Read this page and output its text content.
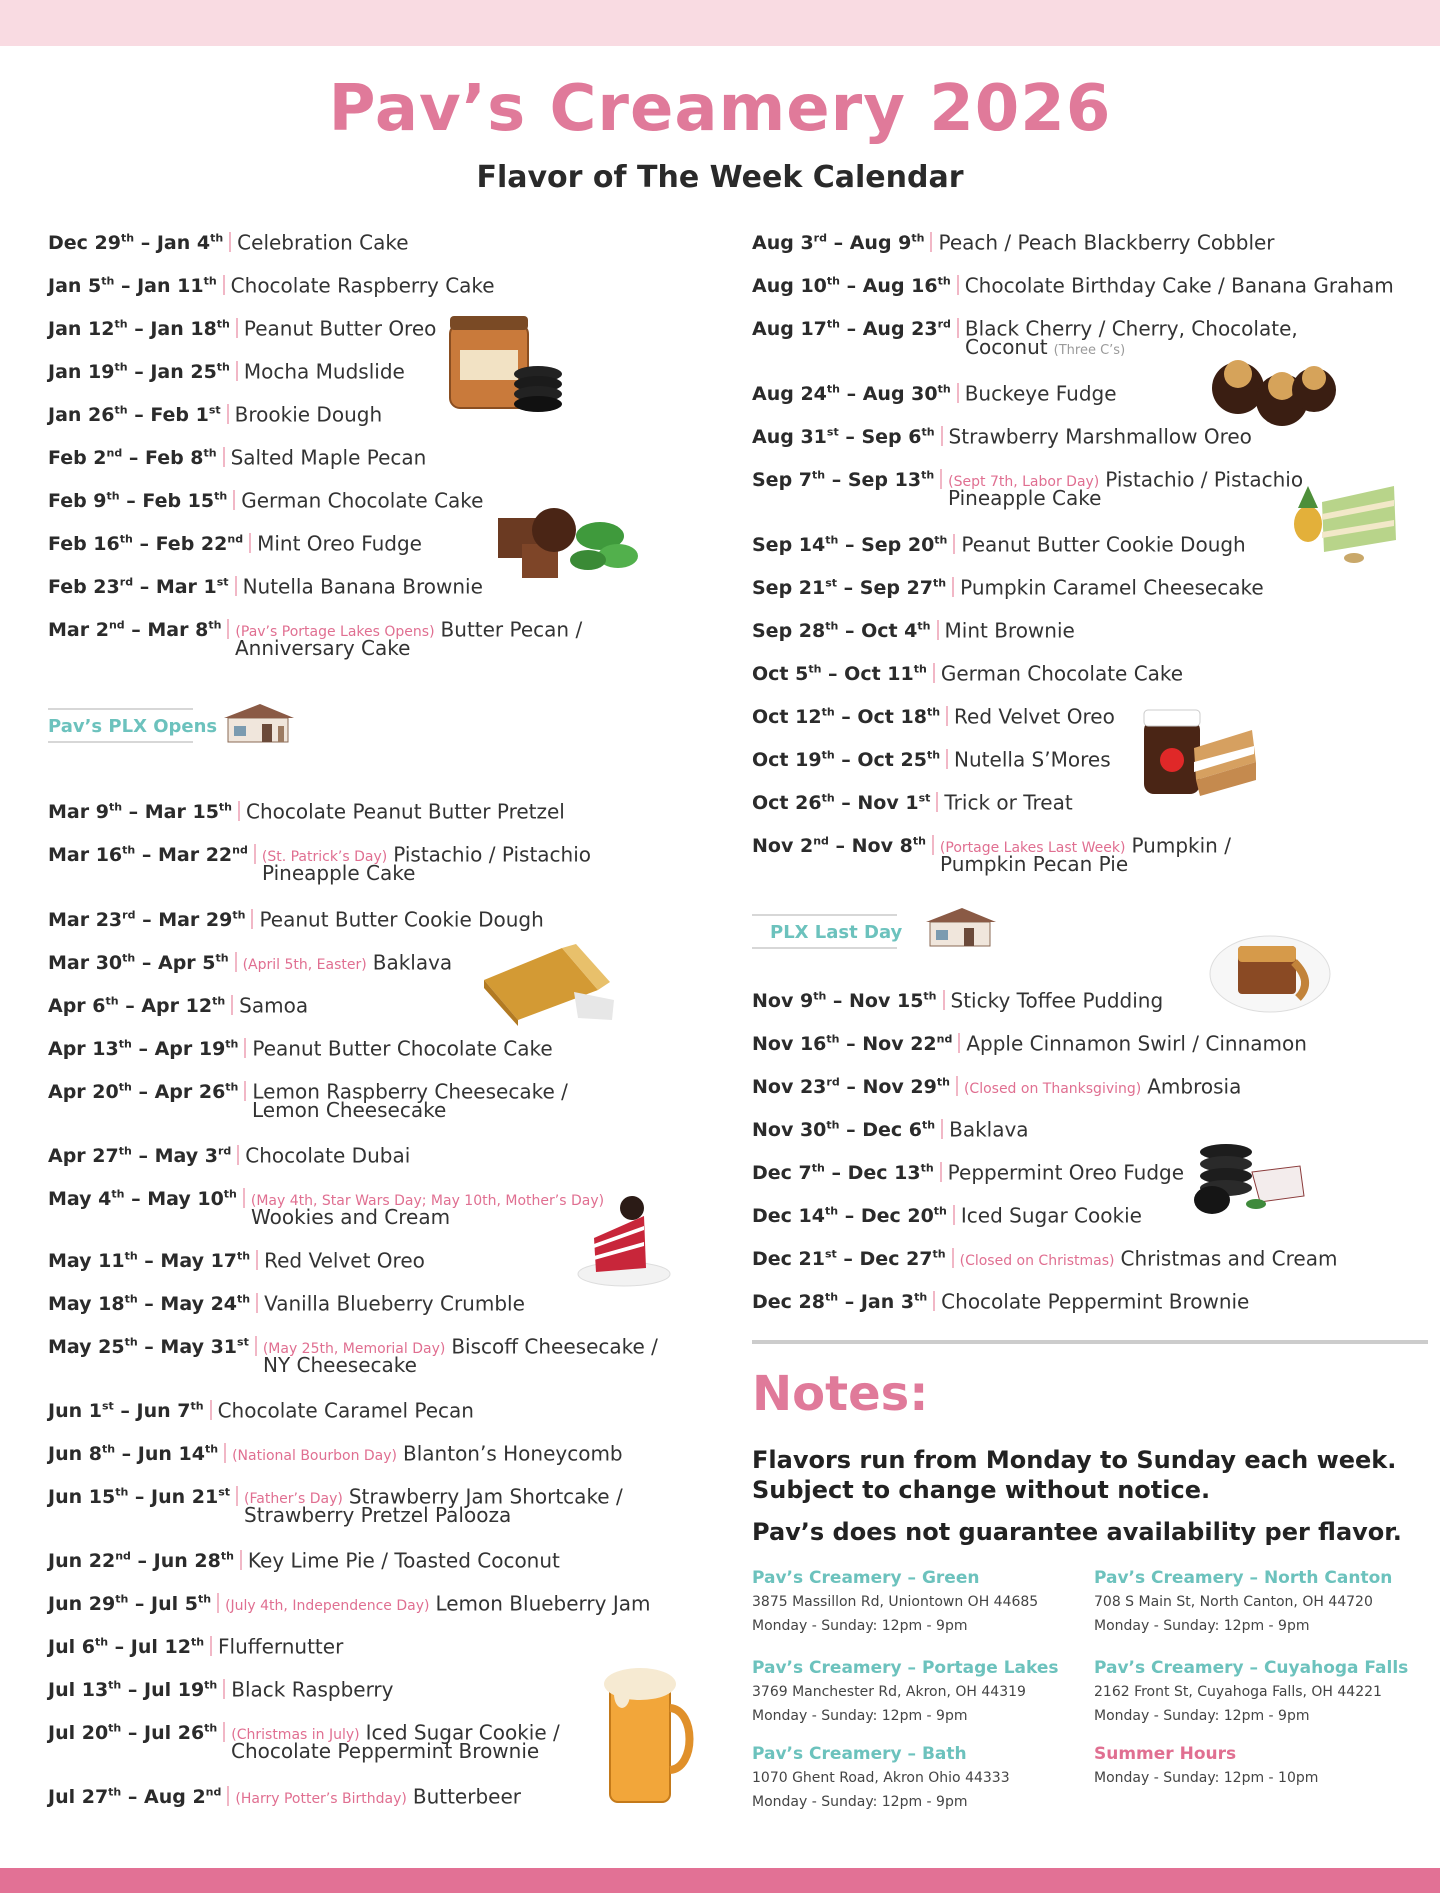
Pav’s Creamery 2026
Flavor of The Week Calendar
Dec 29th – Jan 4th Celebration Cake
Jan 5th – Jan 11th Chocolate Raspberry Cake
Jan 12th – Jan 18th Peanut Butter Oreo
Jan 19th – Jan 25th Mocha Mudslide
Jan 26th – Feb 1st Brookie Dough
Feb 2nd – Feb 8th Salted Maple Pecan
Feb 9th – Feb 15th German Chocolate Cake
Feb 16th – Feb 22nd Mint Oreo Fudge
Feb 23rd – Mar 1st Nutella Banana Brownie
Mar 2nd – Mar 8th (Pav’s Portage Lakes Opens) Butter Pecan /
Anniversary Cake
Mar 9th – Mar 15th Chocolate Peanut Butter Pretzel
Mar 16th – Mar 22nd (St. Patrick’s Day) Pistachio / Pistachio
Pineapple Cake
Mar 23rd – Mar 29th Peanut Butter Cookie Dough
Mar 30th – Apr 5th (April 5th, Easter) Baklava
Apr 6th – Apr 12th Samoa
Apr 13th – Apr 19th Peanut Butter Chocolate Cake
Apr 20th – Apr 26th Lemon Raspberry Cheesecake /
Lemon Cheesecake
Apr 27th – May 3rd Chocolate Dubai
May 4th – May 10th (May 4th, Star Wars Day; May 10th, Mother’s Day)
Wookies and Cream
May 11th – May 17th Red Velvet Oreo
May 18th – May 24th Vanilla Blueberry Crumble
May 25th – May 31st (May 25th, Memorial Day) Biscoff Cheesecake /
NY Cheesecake
Jun 1st – Jun 7th Chocolate Caramel Pecan
Jun 8th – Jun 14th (National Bourbon Day) Blanton’s Honeycomb
Jun 15th – Jun 21st (Father’s Day) Strawberry Jam Shortcake /
Strawberry Pretzel Palooza
Jun 22nd – Jun 28th Key Lime Pie / Toasted Coconut
Jun 29th – Jul 5th (July 4th, Independence Day) Lemon Blueberry Jam
Jul 6th – Jul 12th Fluffernutter
Jul 13th – Jul 19th Black Raspberry
Jul 20th – Jul 26th (Christmas in July) Iced Sugar Cookie /
Chocolate Peppermint Brownie
Jul 27th – Aug 2nd (Harry Potter’s Birthday) Butterbeer
Aug 3rd – Aug 9th Peach / Peach Blackberry Cobbler
Aug 10th – Aug 16th Chocolate Birthday Cake / Banana Graham
Aug 17th – Aug 23rd Black Cherry / Cherry, Chocolate,
Coconut (Three C’s)
Aug 24th – Aug 30th Buckeye Fudge
Aug 31st – Sep 6th Strawberry Marshmallow Oreo
Sep 7th – Sep 13th (Sept 7th, Labor Day) Pistachio / Pistachio
Pineapple Cake
Sep 14th – Sep 20th Peanut Butter Cookie Dough
Sep 21st – Sep 27th Pumpkin Caramel Cheesecake
Sep 28th – Oct 4th Mint Brownie
Oct 5th – Oct 11th German Chocolate Cake
Oct 12th – Oct 18th Red Velvet Oreo
Oct 19th – Oct 25th Nutella S’Mores
Oct 26th – Nov 1st Trick or Treat
Nov 2nd – Nov 8th (Portage Lakes Last Week) Pumpkin /
Pumpkin Pecan Pie
Nov 9th – Nov 15th Sticky Toffee Pudding
Nov 16th – Nov 22nd Apple Cinnamon Swirl / Cinnamon
Nov 23rd – Nov 29th (Closed on Thanksgiving) Ambrosia
Nov 30th – Dec 6th Baklava
Dec 7th – Dec 13th Peppermint Oreo Fudge
Dec 14th – Dec 20th Iced Sugar Cookie
Dec 21st – Dec 27th (Closed on Christmas) Christmas and Cream
Dec 28th – Jan 3th Chocolate Peppermint Brownie
Pav’s PLX Opens
PLX Last Day
Notes:
Flavors run from Monday to Sunday each week.
Subject to change without notice.
Pav’s does not guarantee availability per flavor.
Pav’s Creamery – Green
3875 Massillon Rd, Uniontown OH 44685
Monday - Sunday: 12pm - 9pm
Pav’s Creamery – North Canton
708 S Main St, North Canton, OH 44720
Monday - Sunday: 12pm - 9pm
Pav’s Creamery – Portage Lakes
3769 Manchester Rd, Akron, OH 44319
Monday - Sunday: 12pm - 9pm
Pav’s Creamery – Cuyahoga Falls
2162 Front St, Cuyahoga Falls, OH 44221
Monday - Sunday: 12pm - 9pm
Pav’s Creamery – Bath
1070 Ghent Road, Akron Ohio 44333
Monday - Sunday: 12pm - 9pm
Summer Hours
Monday - Sunday: 12pm - 10pm
